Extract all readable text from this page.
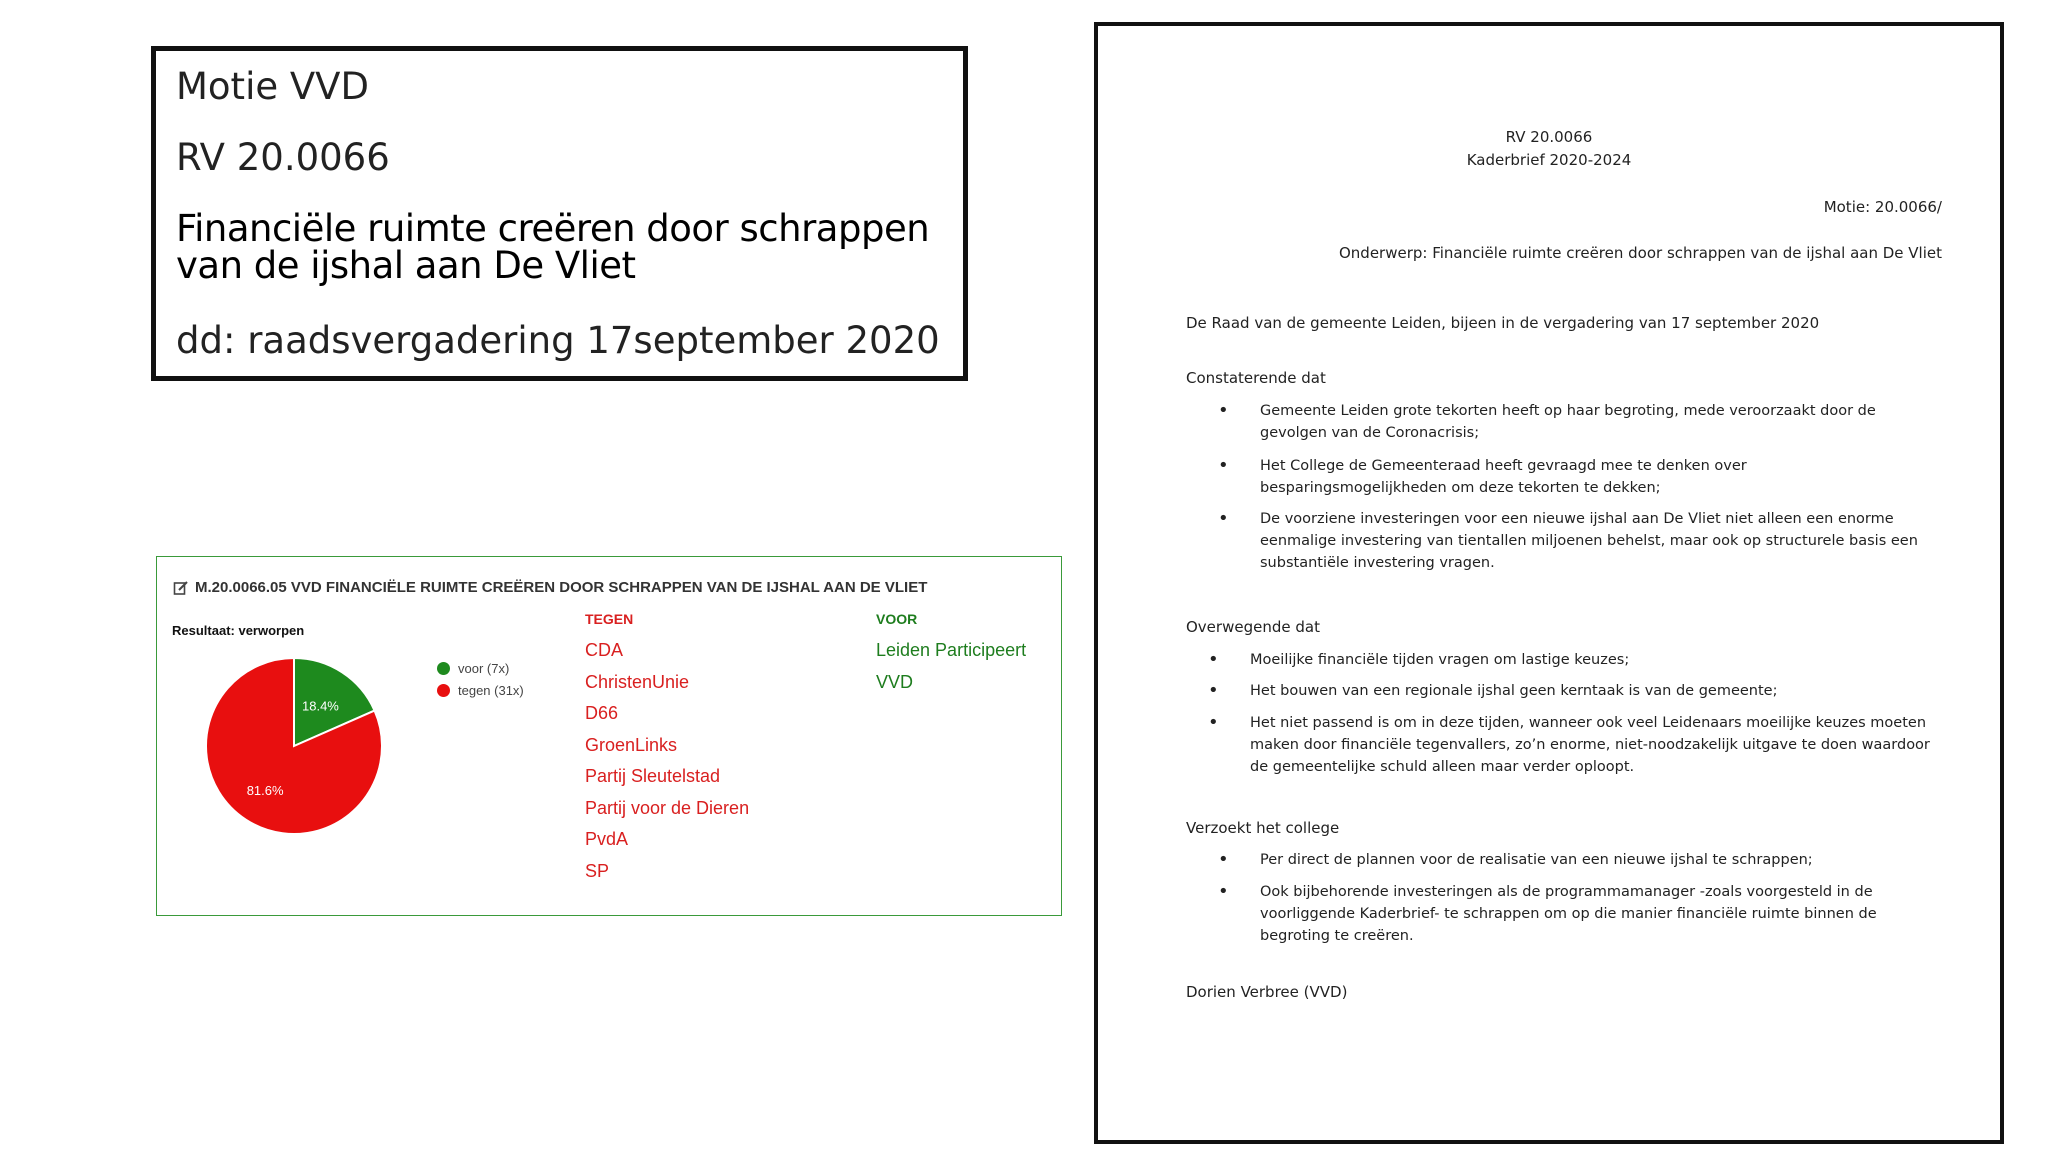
Motie VVD

RV 20.0066

Financiële ruimte creëren door schrappen van de ijshal aan De Vliet

dd: raadsvergadering 17september 2020

M.20.0066.05 VVD FINANCIËLE RUIMTE CREËREN DOOR SCHRAPPEN VAN DE IJSHAL AAN DE VLIET
Resultaat: verworpen
18.4%
81.6%
voor (7x)
tegen (31x)
TEGEN
CDA
ChristenUnie
D66
GroenLinks
Partij Sleutelstad
Partij voor de Dieren
PvdA
SP
VOOR
Leiden Participeert
VVD
RV 20.0066
Kaderbrief 2020-2024
Motie: 20.0066/
Onderwerp: Financiële ruimte creëren door schrappen van de ijshal aan De Vliet
De Raad van de gemeente Leiden, bijeen in de vergadering van 17 september 2020
Constaterende dat
• Gemeente Leiden grote tekorten heeft op haar begroting, mede veroorzaakt door de
gevolgen van de Coronacrisis;
• Het College de Gemeenteraad heeft gevraagd mee te denken over
besparingsmogelijkheden om deze tekorten te dekken;
• De voorziene investeringen voor een nieuwe ijshal aan De Vliet niet alleen een enorme
eenmalige investering van tientallen miljoenen behelst, maar ook op structurele basis een
substantiële investering vragen.
Overwegende dat
• Moeilijke financiële tijden vragen om lastige keuzes;
• Het bouwen van een regionale ijshal geen kerntaak is van de gemeente;
• Het niet passend is om in deze tijden, wanneer ook veel Leidenaars moeilijke keuzes moeten
maken door financiële tegenvallers, zo’n enorme, niet-noodzakelijk uitgave te doen waardoor
de gemeentelijke schuld alleen maar verder oploopt.
Verzoekt het college
• Per direct de plannen voor de realisatie van een nieuwe ijshal te schrappen;
• Ook bijbehorende investeringen als de programmamanager -zoals voorgesteld in de
voorliggende Kaderbrief- te schrappen om op die manier financiële ruimte binnen de
begroting te creëren.
Dorien Verbree (VVD)
